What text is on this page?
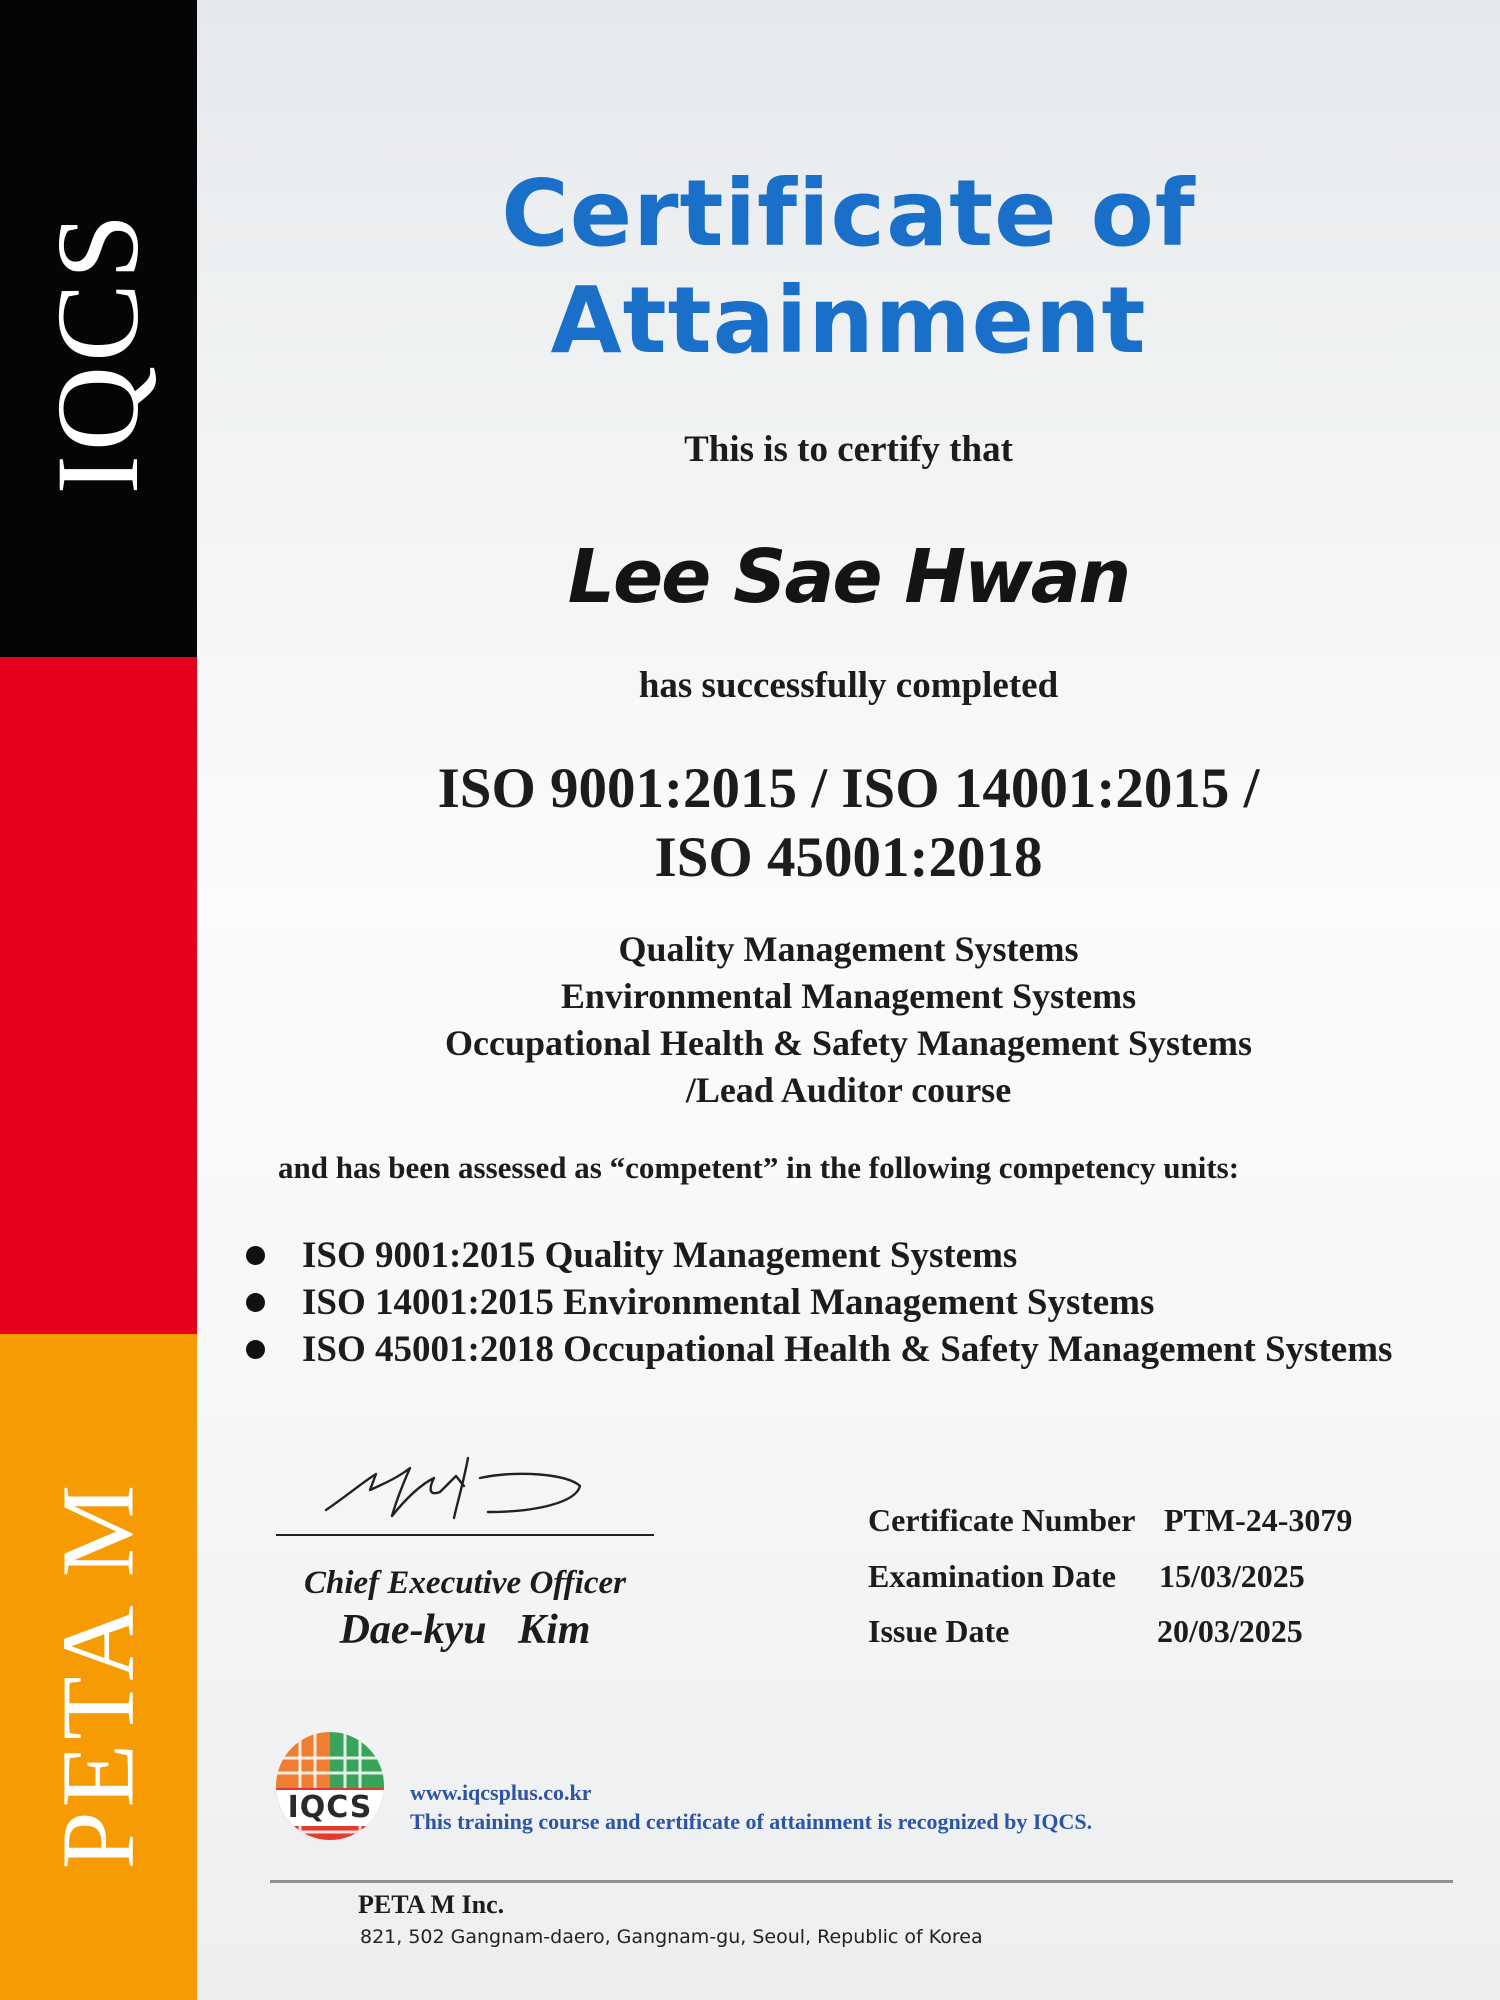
IQCS
PETA M
Certificate of Attainment
This is to certify that
Lee Sae Hwan
has successfully completed
ISO 9001:2015 / ISO 14001:2015 /
ISO 45001:2018
Quality Management Systems
Environmental Management Systems
Occupational Health & Safety Management Systems
/Lead Auditor course
and has been assessed as “competent” in the following competency units:
ISO 9001:2015 Quality Management Systems
ISO 14001:2015 Environmental Management Systems
ISO 45001:2018 Occupational Health & Safety Management Systems
Chief Executive Officer
Dae-kyu   Kim
Certificate Number PTM-24-3079
Examination Date 15/03/2025
Issue Date	20/03/2025
IQCS	www.iqcsplus.co.kr
This training course and certificate of attainment is recognized by IQCS.
PETA M Inc.
821, 502 Gangnam-daero, Gangnam-gu, Seoul, Republic of Korea
